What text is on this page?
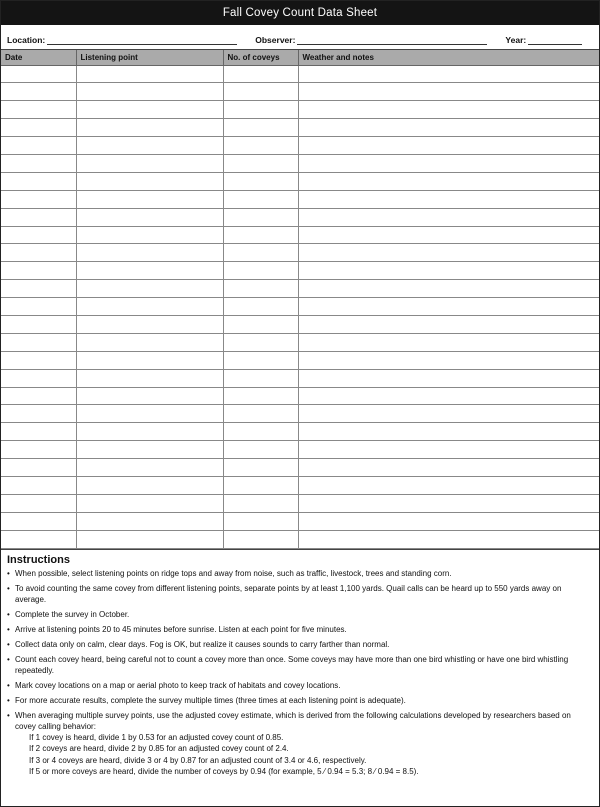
Fall Covey Count Data Sheet
Location:	Observer:	Year:
Date	Listening point	No. of coveys	Weather and notes

Instructions
• When possible, select listening points on ridge tops and away from noise, such as traffic, livestock, trees and standing corn.
• To avoid counting the same covey from different listening points, separate points by at least 1,100 yards. Quail calls can be heard up to 550 yards away on average.
• Complete the survey in October.
• Arrive at listening points 20 to 45 minutes before sunrise. Listen at each point for five minutes.
• Collect data only on calm, clear days. Fog is OK, but realize it causes sounds to carry farther than normal.
• Count each covey heard, being careful not to count a covey more than once. Some coveys may have more than one bird whistling or have one bird whistling repeatedly.
• Mark covey locations on a map or aerial photo to keep track of habitats and covey locations.
• For more accurate results, complete the survey multiple times (three times at each listening point is adequate).
• When averaging multiple survey points, use the adjusted covey estimate, which is derived from the following calculations developed by researchers based on covey calling behavior:
If 1 covey is heard, divide 1 by 0.53 for an adjusted covey count of 0.85.
If 2 coveys are heard, divide 2 by 0.85 for an adjusted covey count of 2.4.
If 3 or 4 coveys are heard, divide 3 or 4 by 0.87 for an adjusted count of 3.4 or 4.6, respectively.
If 5 or more coveys are heard, divide the number of coveys by 0.94 (for example, 5 ⁄ 0.94 = 5.3; 8 ⁄ 0.94 = 8.5).
